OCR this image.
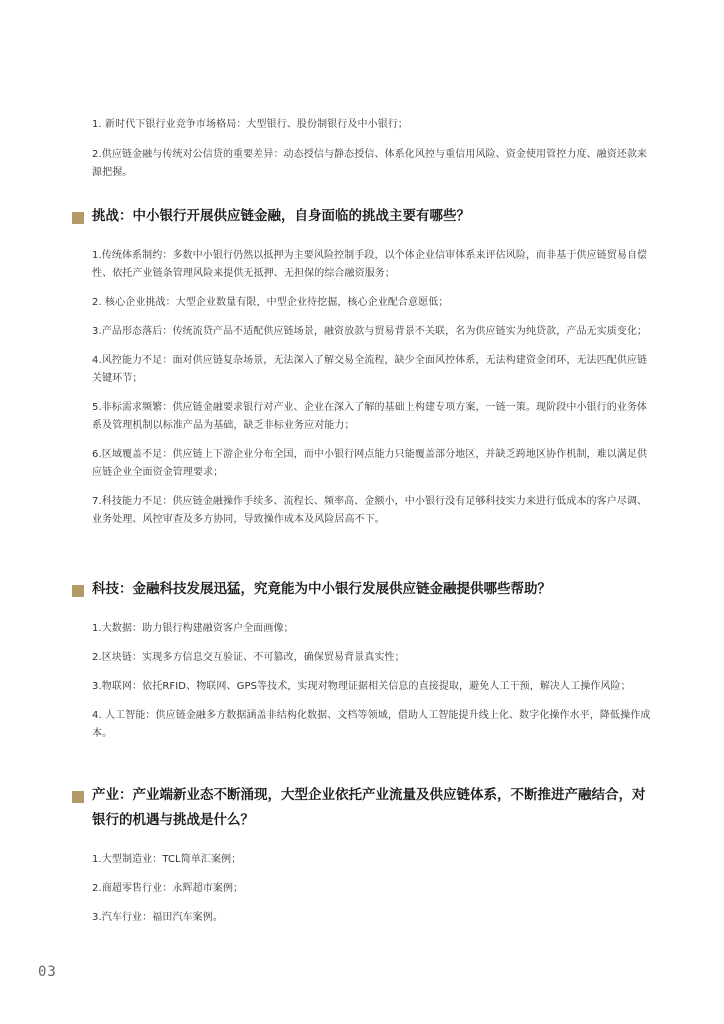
1. 新时代下银行业竞争市场格局：大型银行、股份制银行及中小银行；
2.供应链金融与传统对公信贷的重要差异：动态授信与静态授信、体系化风控与重信用风险、资金使用管控力度、融资还款来源把握。
挑战：中小银行开展供应链金融，自身面临的挑战主要有哪些？
1.传统体系制约：多数中小银行仍然以抵押为主要风险控制手段，以个体企业信审体系来评估风险，而非基于供应链贸易自偿性、依托产业链条管理风险来提供无抵押、无担保的综合融资服务；
2. 核心企业挑战：大型企业数量有限，中型企业待挖掘，核心企业配合意愿低；
3.产品形态落后：传统流贷产品不适配供应链场景，融资放款与贸易背景不关联，名为供应链实为纯贷款，产品无实质变化；
4.风控能力不足：面对供应链复杂场景，无法深入了解交易全流程，缺少全面风控体系，无法构建资金闭环，无法匹配供应链关键环节；
5.非标需求频繁：供应链金融要求银行对产业、企业在深入了解的基础上构建专项方案，一链一策。现阶段中小银行的业务体系及管理机制以标准产品为基础，缺乏非标业务应对能力；
6.区域覆盖不足：供应链上下游企业分布全国，而中小银行网点能力只能覆盖部分地区，并缺乏跨地区协作机制，难以满足供应链企业全面资金管理要求；
7.科技能力不足：供应链金融操作手续多、流程长、频率高、金额小，中小银行没有足够科技实力来进行低成本的客户尽调、业务处理、风控审查及多方协同，导致操作成本及风险居高不下。
科技：金融科技发展迅猛，究竟能为中小银行发展供应链金融提供哪些帮助？
1.大数据：助力银行构建融资客户全面画像；
2.区块链：实现多方信息交互验证、不可篡改，确保贸易背景真实性；
3.物联网：依托RFID、物联网、GPS等技术，实现对物理证据相关信息的直接提取，避免人工干预，解决人工操作风险；
4. 人工智能：供应链金融多方数据涵盖非结构化数据、文档等领域，借助人工智能提升线上化、数字化操作水平，降低操作成本。
产业：产业端新业态不断涌现，大型企业依托产业流量及供应链体系，不断推进产融结合，对银行的机遇与挑战是什么？
1.大型制造业：TCL简单汇案例；
2.商超零售行业：永辉超市案例；
3.汽车行业：福田汽车案例。
03
